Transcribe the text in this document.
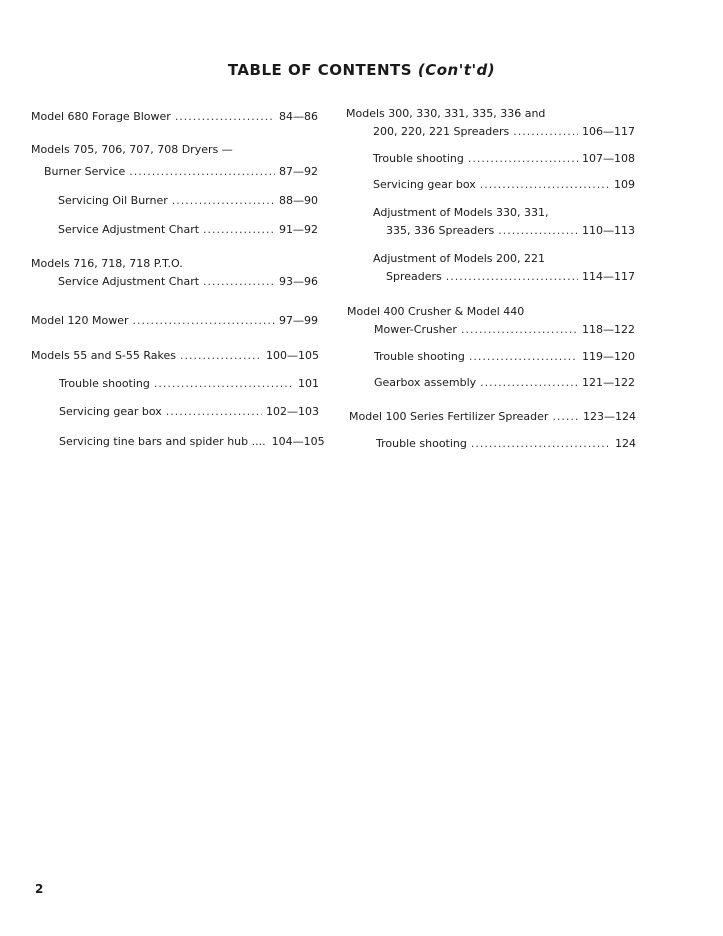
TABLE OF CONTENTS (Con't'd)
Model 680 Forage Blower .....	84—86
Models 705, 706, 707, 708 Dryers —
Burner Service .....	87—92
Servicing Oil Burner .....	88—90
Service Adjustment Chart .....	91—92
Models 716, 718, 718 P.T.O.
Service Adjustment Chart .....	93—96
Model 120 Mower .....	97—99
Models 55 and S-55 Rakes .....	100—105
Trouble shooting .....	101
Servicing gear box .....	102—103
Servicing tine bars and spider hub .... 104—105
Models 300, 330, 331, 335, 336 and
200, 220, 221 Spreaders .....	106—117
Trouble shooting .....	107—108
Servicing gear box .....	109
Adjustment of Models 330, 331,
335, 336 Spreaders .....	110—113
Adjustment of Models 200, 221
Spreaders .....	114—117
Model 400 Crusher & Model 440
Mower-Crusher .....	118—122
Trouble shooting .....	119—120
Gearbox assembly .....	121—122
Model 100 Series Fertilizer Spreader .....	123—124
Trouble shooting .....	124
2
